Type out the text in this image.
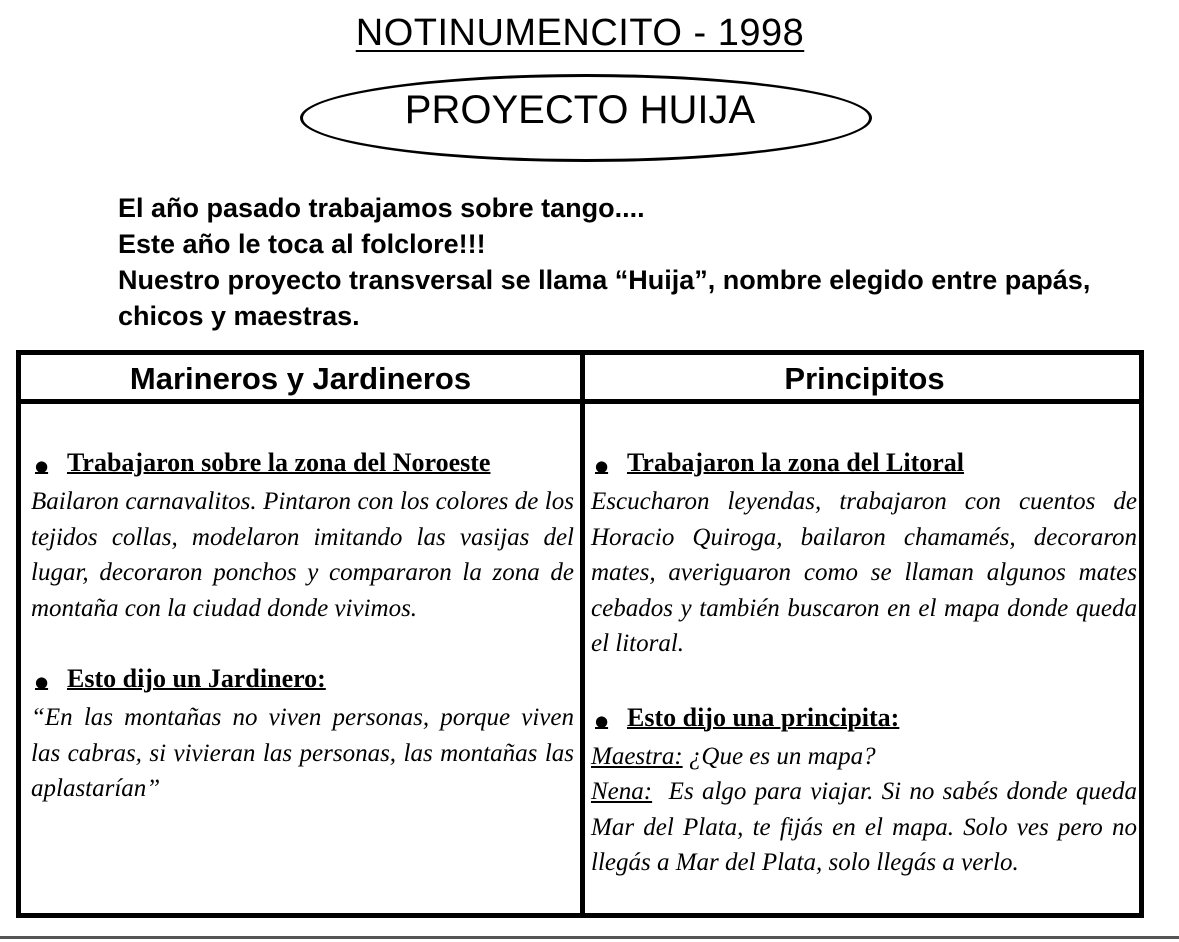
NOTINUMENCITO - 1998
PROYECTO HUIJA

El año pasado trabajamos sobre tango....

Este año le toca al folclore!!!

Nuestro proyecto transversal se llama “Huija”, nombre elegido entre papás, chicos y maestras.

Marineros y Jardineros	Principitos
● Trabajaron sobre la zona del Noroeste

Bailaron carnavalitos. Pintaron con los colores de los tejidos collas, modelaron imitando las vasijas del lugar, decoraron ponchos y compararon la zona de montaña con la ciudad donde vivimos.

● Esto dijo un Jardinero:

“En las montañas no viven personas, porque viven las cabras, si vivieran las personas, las montañas las aplastarían”

● Trabajaron la zona del Litoral

Escucharon leyendas, trabajaron con cuentos de Horacio Quiroga, bailaron chamamés, decoraron mates, averiguaron como se llaman algunos mates cebados y también buscaron en el mapa donde queda el litoral.

● Esto dijo una principita:

Maestra: ¿Que es un mapa?

Nena:  Es algo para viajar. Si no sabés donde queda Mar del Plata, te fijás en el mapa. Solo ves pero no llegás a Mar del Plata, solo llegás a verlo.
